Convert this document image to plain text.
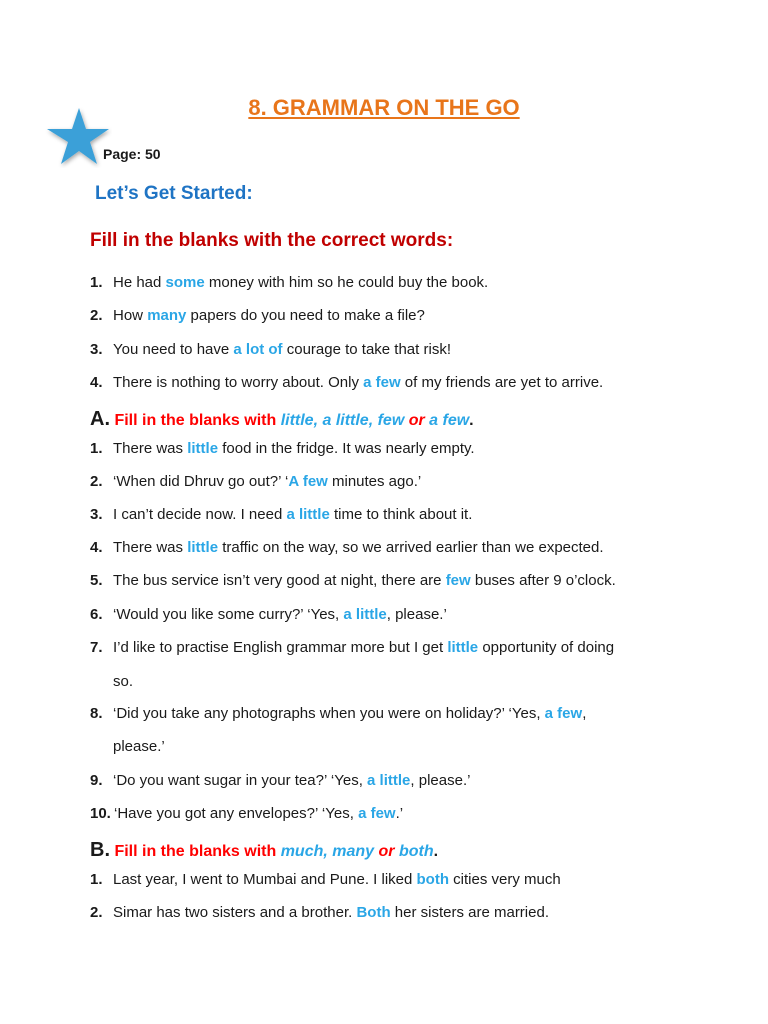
8. GRAMMAR ON THE GO
Page: 50
Let’s Get Started:
Fill in the blanks with the correct words:
1. He had some money with him so he could buy the book.
2. How many papers do you need to make a file?
3. You need to have a lot of courage to take that risk!
4. There is nothing to worry about. Only a few of my friends are yet to arrive.
A. Fill in the blanks with little, a little, few or a few.
1. There was little food in the fridge. It was nearly empty.
2. ‘When did Dhruv go out?’ ‘A few minutes ago.’
3. I can’t decide now. I need a little time to think about it.
4. There was little traffic on the way, so we arrived earlier than we expected.
5. The bus service isn’t very good at night, there are few buses after 9 o’clock.
6. ‘Would you like some curry?’ ‘Yes, a little, please.’
7. I’d like to practise English grammar more but I get little opportunity of doing
so.
8. ‘Did you take any photographs when you were on holiday?’ ‘Yes, a few,
please.’
9. ‘Do you want sugar in your tea?’ ‘Yes, a little, please.’
10. ‘Have you got any envelopes?’ ‘Yes, a few.’
B. Fill in the blanks with much, many or both.
1. Last year, I went to Mumbai and Pune. I liked both cities very much
2. Simar has two sisters and a brother. Both her sisters are married.
